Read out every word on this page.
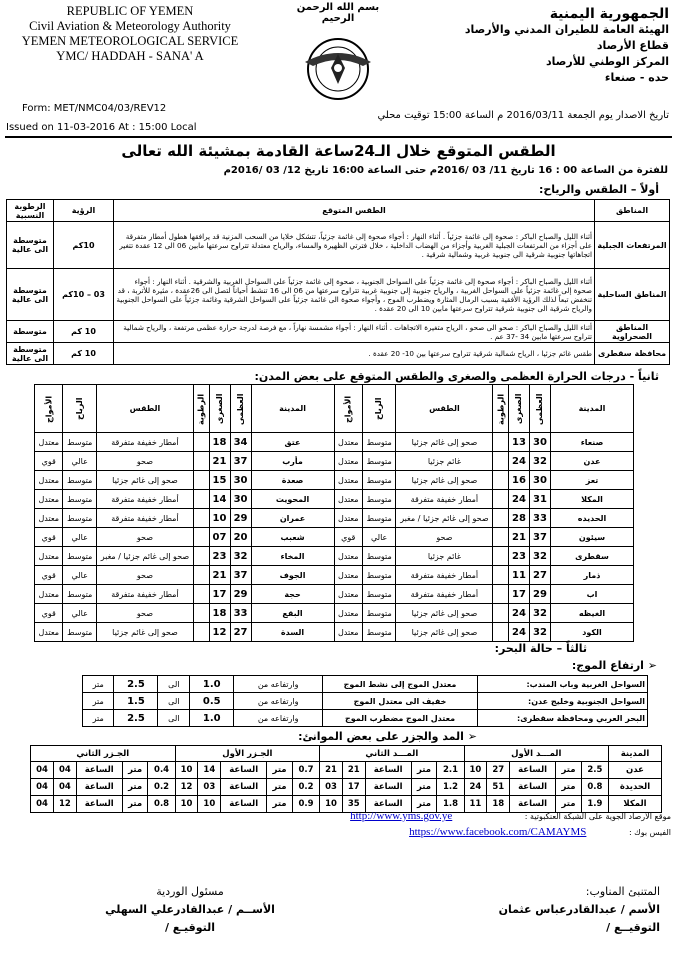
REPUBLIC OF YEMEN
Civil Aviation & Meteorology Authority
YEMEN METEOROLOGICAL SERVICE
YMC/ HADDAH - SANA' A
Form: MET/NMC04/03/REV12
Issued on 11-03-2016 At : 15:00 Local
بسم الله الرحمن الرحيم	الجمهورية اليمنية
الهيئة العامة للطيران المدني والأرصاد
قطاع الأرصاد
المركز الوطني للأرصاد
حده - صنعاء
تاريخ الاصدار يوم الجمعة 2016/03/11 م الساعة 15:00 توقيت محلي
الطقس المتوقع خلال الـ24ساعة القادمة بمشيئة الله تعالى
للفترة من الساعة 00 : 16 تاريخ 11/ 03 /2016م حتى الساعة 16:00 تاريخ 12/ 03 /2016م
أولاً – الطقس والرياح:
المناطق	الطقس المتوقع	الرؤية	الرطوبة النسبية
المرتفعات الجبلية	أثناء الليل والصباح الباكر : صحوة إلى غائمة جزئياً . أثناء النهار : أجواء صحوة إلى غائمة جزئياً، تتشكل خلايا من السحب المزنية قد يرافقها هطول أمطار متفرقة على أجزاء من المرتفعات الجبلية الغربية وأجزاء من الهضاب الداخلية ، خلال فترتي الظهيرة والمساء، والرياح معتدلة تتراوح سرعتها مابين 06 الى 12 عقدة تتغير اتجاهاتها جنوبية شرقية الى جنوبية غربية وشمالية شرقية .	10كم	متوسطة الى عالية
المناطق الساحلية	أثناء الليل والصباح الباكر : أجواء صحوة إلى غائمة جزئياً على السواحل الجنوبية ، صحوة إلى غائمة جزئياً على السواحل الغربية والشرقية . أثناء النهار : أجواء صحوة إلى غائمة جزئياً على السواحل الغربية ، والرياح جنوبية إلى جنوبية غربية تتراوح سرعتها من 06 الى 16 تنشط أحياناً لتصل الى 26عقدة ، مثيرة للأتربة ، قد تنخفض تبعاً لذلك الرؤية الأفقية بسبب الرمال المثارة ويضطرب الموج ، وأجواء صحوة الى غائمة جزئياً على السواحل الشرقية وغائمة جزئياً على السواحل الجنوبية والرياح شرقية الى جنوبية شرقية تتراوح سرعتها مابين 10 الى 20 عقدة .	03 – 10كم	متوسطة الى عالية
المناطق الصحراوية	أثناء الليل والصباح الباكر : صحو الى صحو ، الرياح متغيرة الاتجاهات . أثناء النهار : أجواء مشمسة نهاراً ، مع فرصة لدرجة حرارة عظمى مرتفعة ، والرياح شمالية تتراوح سرعتها مابين 34 -37 عم .	10 كم	متوسطة
محافظة سقطرى	طقس غائم جزئيا ، الرياح شمالية شرقية تتراوح سرعتها بين 10- 20 عقدة .	10 كم	متوسطة الى عالية
ثانياً - درجات الحرارة العظمى والصغرى والطقس المتوقع على بعض المدن:
المدينة	العظمى	الصغرى	الرطوبة	الطقس	الرياح	الأمواج	المدينة	العظمى	الصغرى	الرطوبة	الطقس	الرياح	الأمواج
صنعاء	30	13		صحو إلى غائم جزئيا	متوسط	معتدل	عتق	34	18		أمطار خفيفة متفرقة	متوسط	معتدل
عدن	32	24		غائم جزئيا	متوسط	معتدل	مأرب	37	21		صحو	عالي	قوي
تعز	30	16		صحو إلى غائم جزئيا	متوسط	معتدل	صعدة	30	15		صحو إلى غائم جزئيا	متوسط	معتدل
المكلا	31	24		أمطار خفيفة متفرقة	متوسط	معتدل	المحويت	30	14		أمطار خفيفة متفرقة	متوسط	معتدل
الحديده	33	28		صحو إلى غائم جزئيا / مغبر	متوسط	معتدل	عمران	29	10		أمطار خفيفة متفرقة	متوسط	معتدل
سيئون	37	21		صحو	عالي	قوي	شعبب	20	07		صحو	عالي	قوي
سقطرى	32	23		غائم جزئيا	متوسط	معتدل	المخاء	32	23		صحو إلى غائم جزئيا / مغبر	متوسط	معتدل
ذمار	27	11		أمطار خفيفة متفرقة	متوسط	معتدل	الجوف	37	21		صحو	عالي	قوي
اب	29	17		أمطار خفيفة متفرقة	متوسط	معتدل	حجة	29	17		أمطار خفيفة متفرقة	متوسط	معتدل
الغيظه	32	24		صحو إلى غائم جزئيا	متوسط	معتدل	البقع	33	18		صحو	عالي	قوي
الكود	32	24		صحو إلى غائم جزئيا	متوسط	معتدل	السدة	27	12		صحو إلى غائم جزئيا	متوسط	معتدل
ثالثاً – حالة البحر:
➢ ارتفاع الموج:
السواحل الغربية وباب المندب:	معتدل الموج إلى نشط الموج	وارتفاعه من	1.0	الى	2.5	متر
السواحل الجنوبية وخليج عدن:	خفيف الى معتدل الموج	وارتفاعه من	0.5	الى	1.5	متر
البحر العربي ومحافظة سقطرى:	معتدل الموج مضطرب الموج	وارتفاعه من	1.0	الى	2.5	متر
➢ المد والجزر على بعض الموانئ:
المدينة	المـــد الأول					المـــد الثاني					الجـزر الأول					الجـزر الثاني				
عدن	2.5	متر	الساعة	27	10	2.1	متر	الساعة	21	21	0.7	متر	الساعة	14	10	0.4	متر	الساعة	04	04
الحديدة	0.8	متر	الساعة	51	24	1.2	متر	الساعة	17	03	0.2	متر	الساعة	03	12	0.2	متر	الساعة	04	04
المكلا	1.9	متر	الساعة	18	11	1.8	متر	الساعة	35	10	0.9	متر	الساعة	10	10	0.8	متر	الساعة	12	04
موقع الارصاد الجوية على الشبكة العنكبوتية : http://www.yms.gov.ye
الفيس بوك : https://www.facebook.com/CAMAYMS
مسئول الوردية
الأســم / عبدالقادرعلي السهلي
التوقيـع /
المتنبئ المناوب:
الأسم / عبدالقادرعباس عثمان
التوقيــع /
